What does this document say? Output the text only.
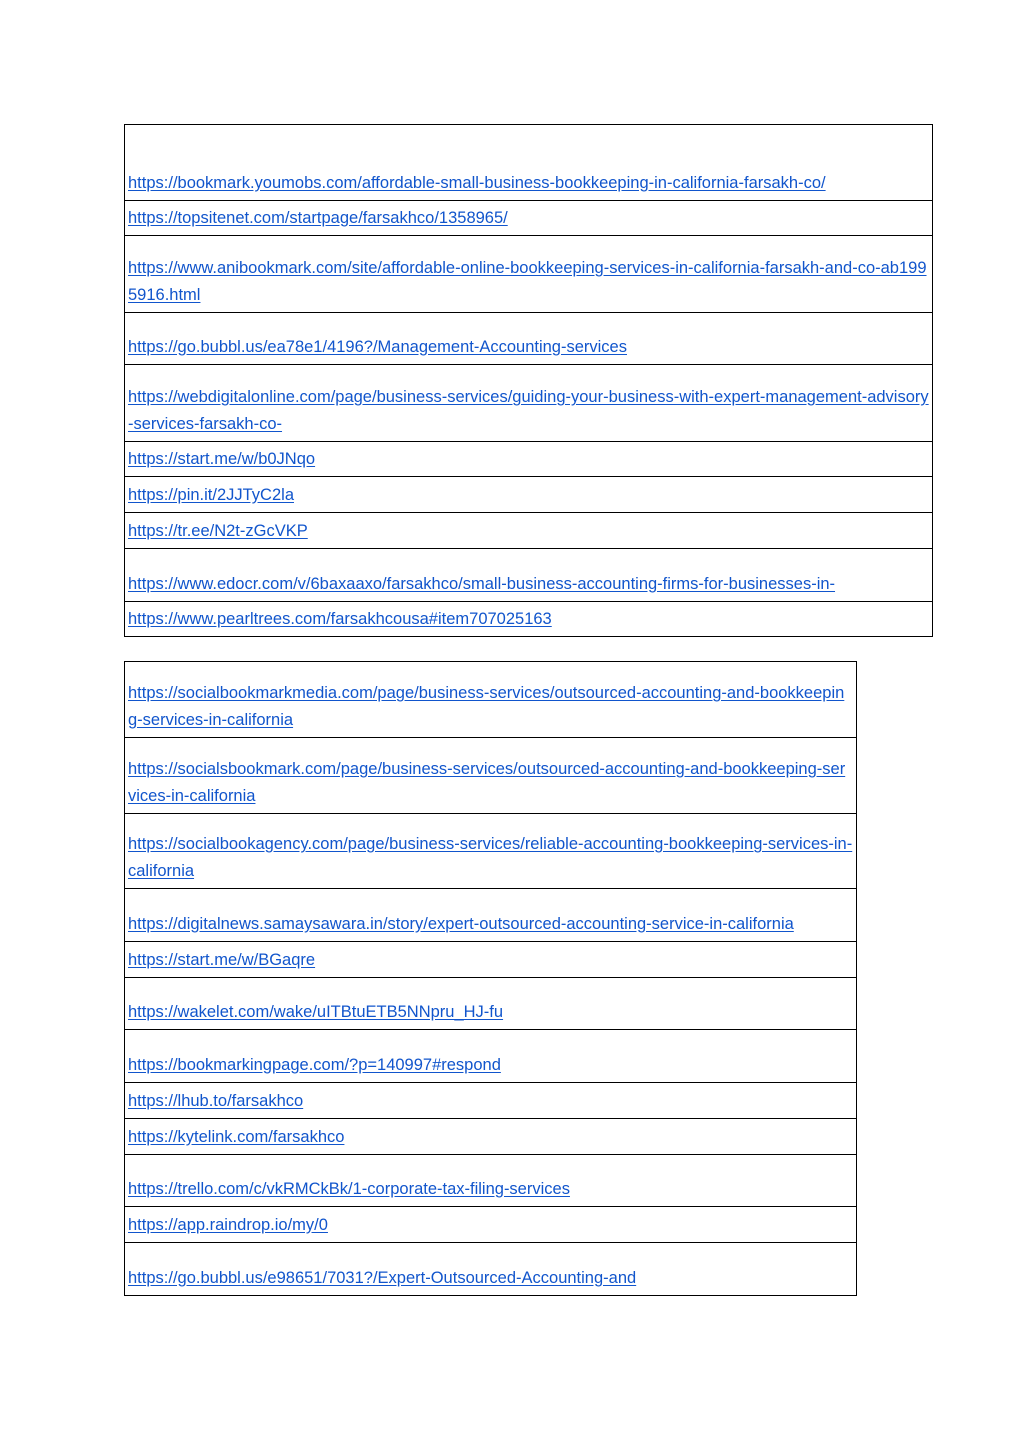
https://bookmark.youmobs.com/affordable-small-business-bookkeeping-in-california-farsakh-co/

https://topsitenet.com/startpage/farsakhco/1358965/

https://www.anibookmark.com/site/affordable-online-bookkeeping-services-in-california-farsakh-and-co-ab1995916.html

https://go.bubbl.us/ea78e1/4196?/Management-Accounting-services

https://webdigitalonline.com/page/business-services/guiding-your-business-with-expert-management-advisory-services-farsakh-co-

https://start.me/w/b0JNqo

https://pin.it/2JJTyC2la

https://tr.ee/N2t-zGcVKP

https://www.edocr.com/v/6baxaaxo/farsakhco/small-business-accounting-firms-for-businesses-in-

https://www.pearltrees.com/farsakhcousa#item707025163
https://socialbookmarkmedia.com/page/business-services/outsourced-accounting-and-bookkeeping-services-in-california

https://socialsbookmark.com/page/business-services/outsourced-accounting-and-bookkeeping-services-in-california

https://socialbookagency.com/page/business-services/reliable-accounting-bookkeeping-services-in-california

https://digitalnews.samaysawara.in/story/expert-outsourced-accounting-service-in-california

https://start.me/w/BGaqre

https://wakelet.com/wake/uITBtuETB5NNpru_HJ-fu

https://bookmarkingpage.com/?p=140997#respond

https://lhub.to/farsakhco

https://kytelink.com/farsakhco

https://trello.com/c/vkRMCkBk/1-corporate-tax-filing-services

https://app.raindrop.io/my/0

https://go.bubbl.us/e98651/7031?/Expert-Outsourced-Accounting-and
